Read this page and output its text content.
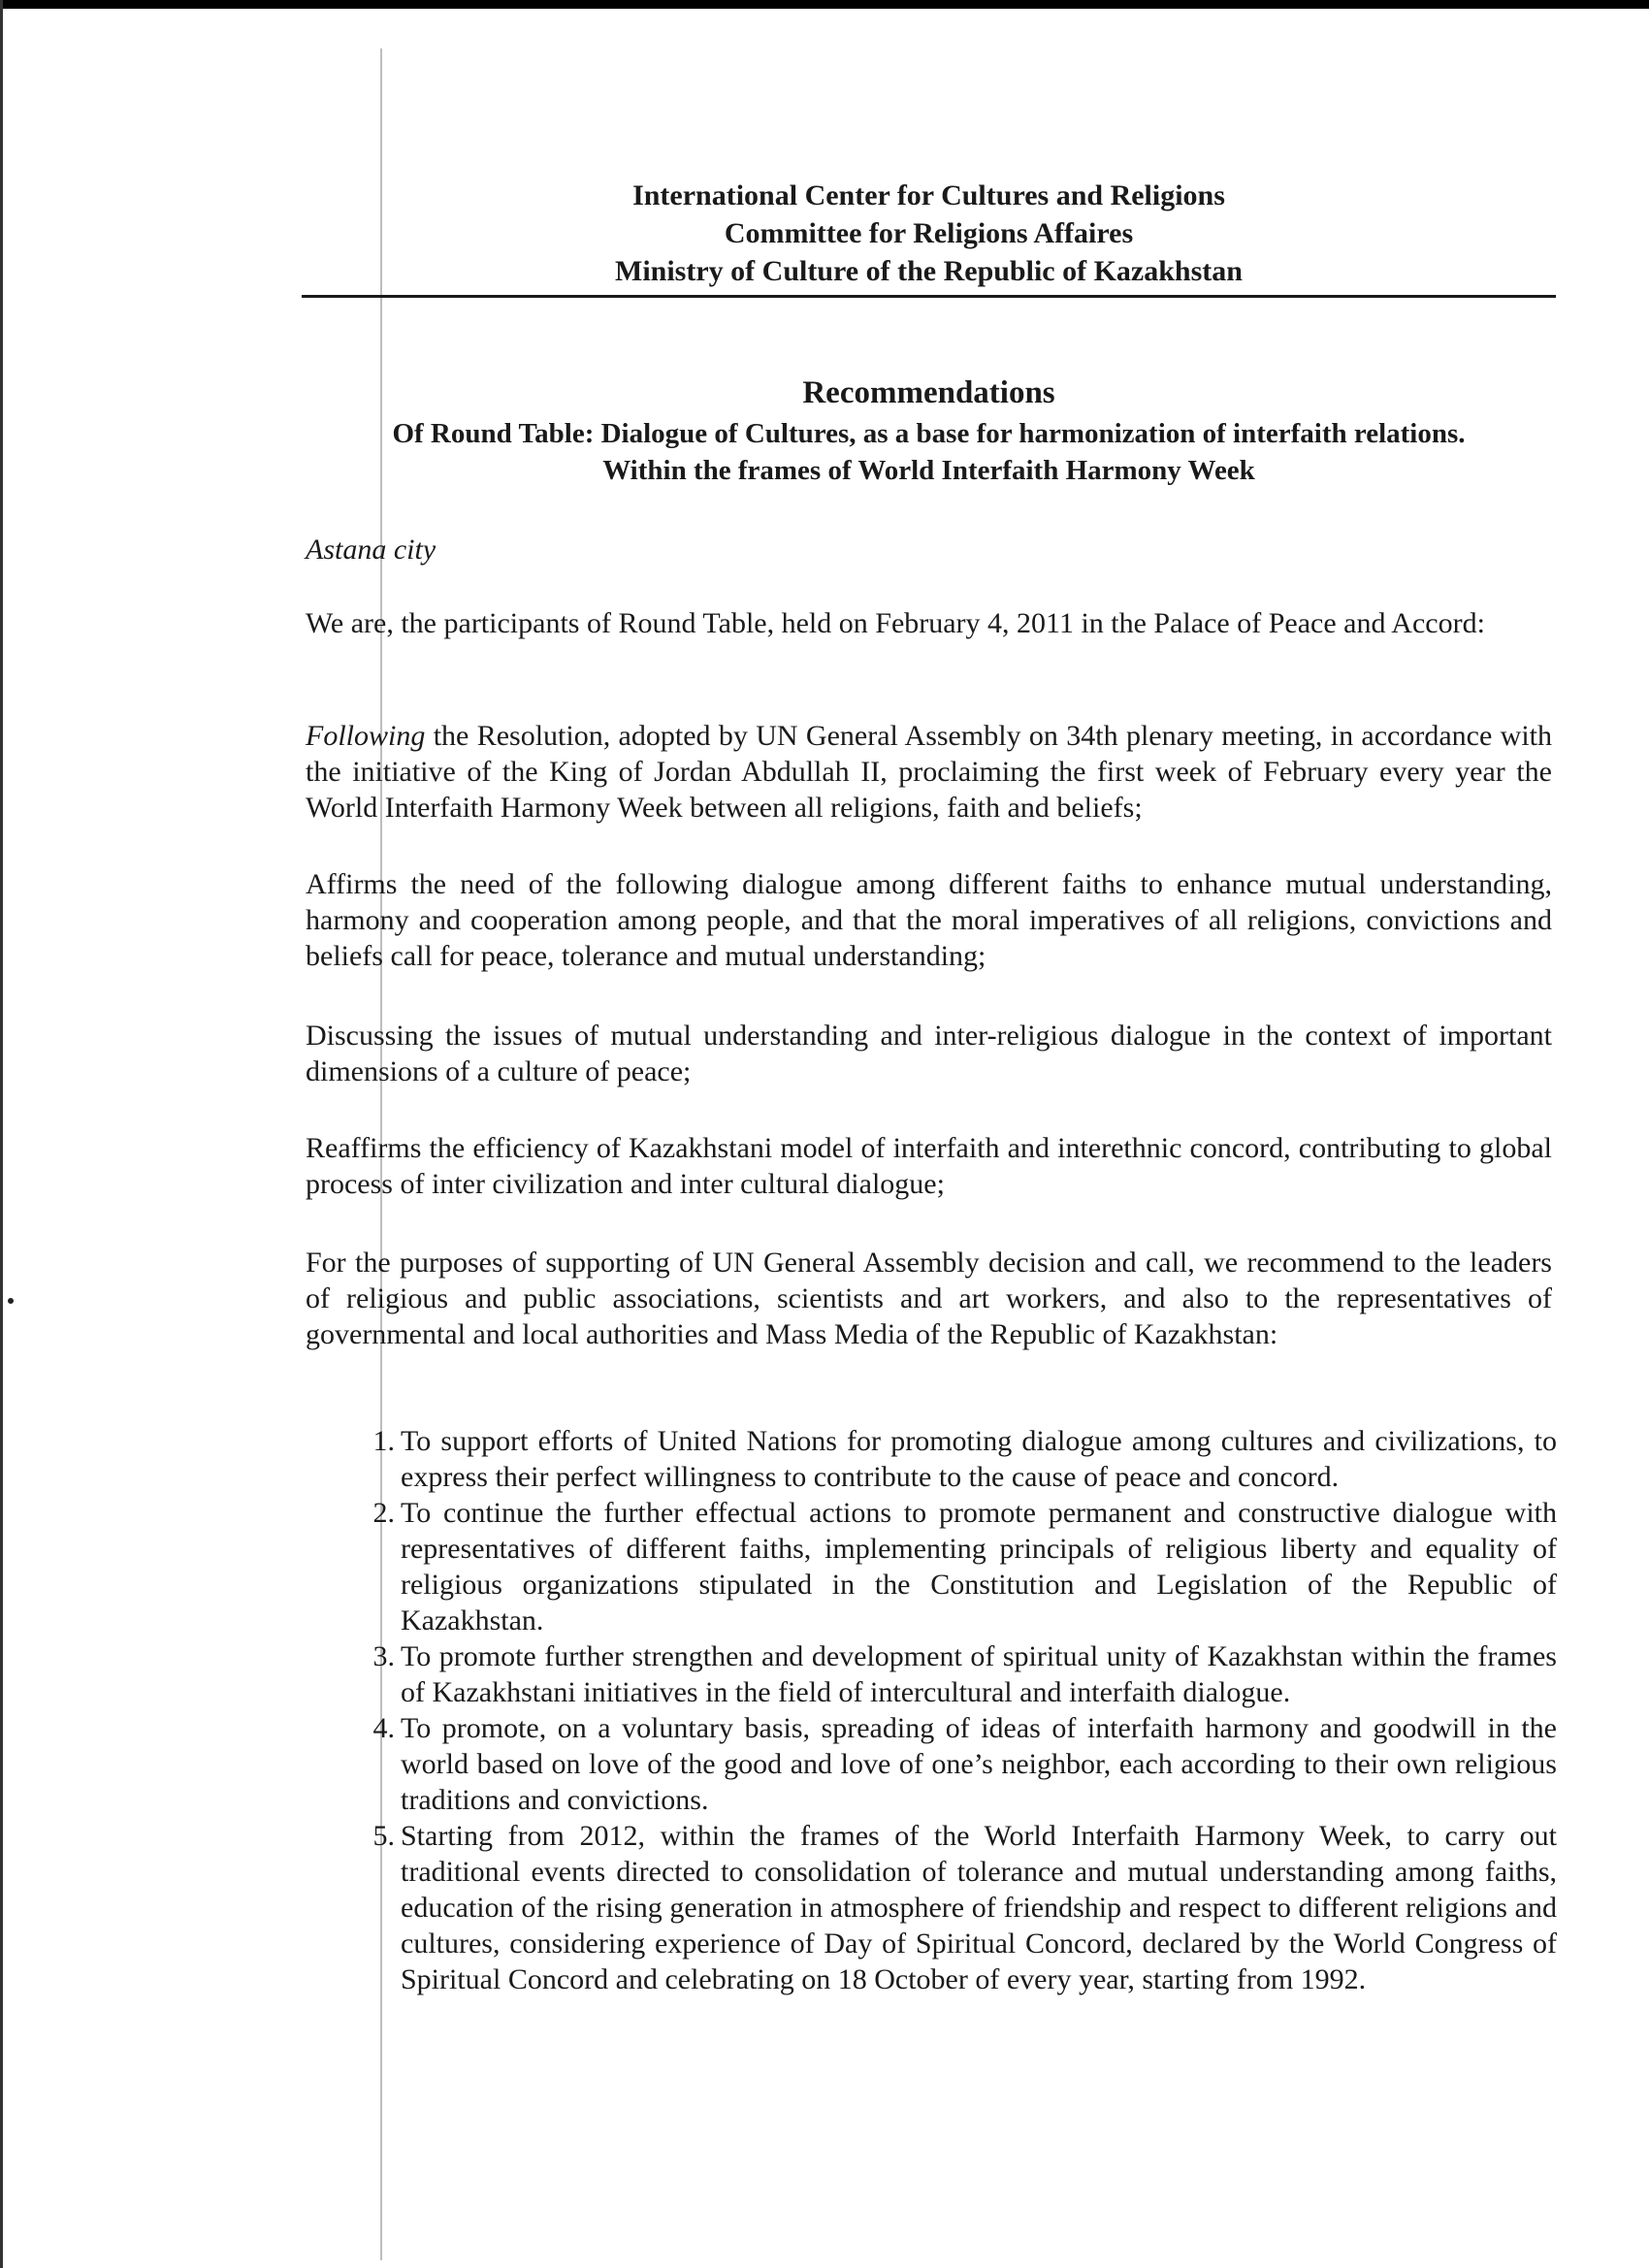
International Center for Cultures and Religions
Committee for Religions Affaires
Ministry of Culture of the Republic of Kazakhstan
Recommendations
Of Round Table: Dialogue of Cultures, as a base for harmonization of interfaith relations.
Within the frames of World Interfaith Harmony Week
Astana city

We are, the participants of Round Table, held on February 4, 2011 in the Palace of Peace and Accord:

Following the Resolution, adopted by UN General Assembly on 34th plenary meeting, in accordance with the initiative of the King of Jordan Abdullah II, proclaiming the first week of February every year the World Interfaith Harmony Week between all religions, faith and beliefs;

Affirms the need of the following dialogue among different faiths to enhance mutual understanding, harmony and cooperation among people, and that the moral imperatives of all religions, convictions and beliefs call for peace, tolerance and mutual understanding;

Discussing the issues of mutual understanding and inter-religious dialogue in the context of important dimensions of a culture of peace;

Reaffirms the efficiency of Kazakhstani model of interfaith and interethnic concord, contributing to global process of inter civilization and inter cultural dialogue;

For the purposes of supporting of UN General Assembly decision and call, we recommend to the leaders of religious and public associations, scientists and art workers, and also to the representatives of governmental and local authorities and Mass Media of the Republic of Kazakhstan:

1. To support efforts of United Nations for promoting dialogue among cultures and civilizations, to express their perfect willingness to contribute to the cause of peace and concord.
2. To continue the further effectual actions to promote permanent and constructive dialogue with representatives of different faiths, implementing principals of religious liberty and equality of religious organizations stipulated in the Constitution and Legislation of the Republic of Kazakhstan.
3. To promote further strengthen and development of spiritual unity of Kazakhstan within the frames of Kazakhstani initiatives in the field of intercultural and interfaith dialogue.
4. To promote, on a voluntary basis, spreading of ideas of interfaith harmony and goodwill in the world based on love of the good and love of one’s neighbor, each according to their own religious traditions and convictions.
5. Starting from 2012, within the frames of the World Interfaith Harmony Week, to carry out traditional events directed to consolidation of tolerance and mutual understanding among faiths, education of the rising generation in atmosphere of friendship and respect to different religions and cultures, considering experience of Day of Spiritual Concord, declared by the World Congress of Spiritual Concord and celebrating on 18 October of every year, starting from 1992.
